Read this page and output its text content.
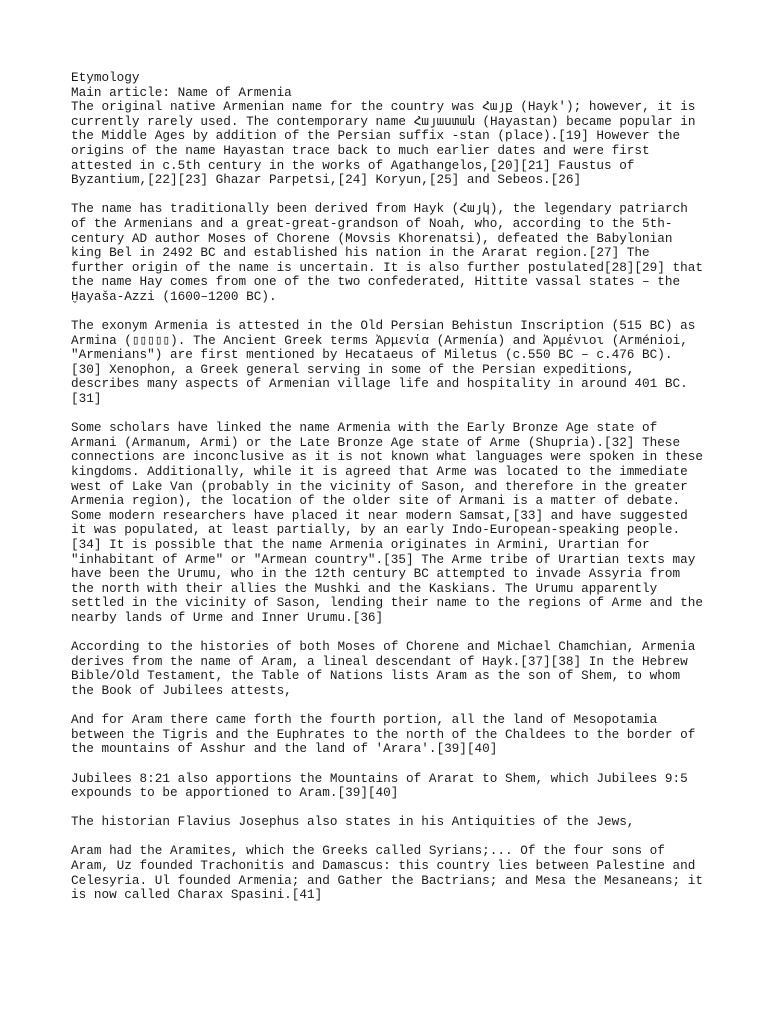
Etymology
Main article: Name of Armenia
The original native Armenian name for the country was Հայք (Hayk'); however, it is
currently rarely used. The contemporary name Հայաստան (Hayastan) became popular in
the Middle Ages by addition of the Persian suffix -stan (place).[19] However the
origins of the name Hayastan trace back to much earlier dates and were first
attested in c.5th century in the works of Agathangelos,[20][21] Faustus of
Byzantium,[22][23] Ghazar Parpetsi,[24] Koryun,[25] and Sebeos.[26]
The name has traditionally been derived from Hayk (Հայկ), the legendary patriarch
of the Armenians and a great-great-grandson of Noah, who, according to the 5th-
century AD author Moses of Chorene (Movsis Khorenatsi), defeated the Babylonian
king Bel in 2492 BC and established his nation in the Ararat region.[27] The
further origin of the name is uncertain. It is also further postulated[28][29] that
the name Hay comes from one of the two confederated, Hittite vassal states – the
Ḫayaša-Azzi (1600–1200 BC).
The exonym Armenia is attested in the Old Persian Behistun Inscription (515 BC) as
Armina (▯▯▯▯▯). The Ancient Greek terms Ἀρμενία (Armenía) and Ἀρμένιοι (Arménioi,
"Armenians") are first mentioned by Hecataeus of Miletus (c.550 BC – c.476 BC).
[30] Xenophon, a Greek general serving in some of the Persian expeditions,
describes many aspects of Armenian village life and hospitality in around 401 BC.
[31]
Some scholars have linked the name Armenia with the Early Bronze Age state of
Armani (Armanum, Armi) or the Late Bronze Age state of Arme (Shupria).[32] These
connections are inconclusive as it is not known what languages were spoken in these
kingdoms. Additionally, while it is agreed that Arme was located to the immediate
west of Lake Van (probably in the vicinity of Sason, and therefore in the greater
Armenia region), the location of the older site of Armani is a matter of debate.
Some modern researchers have placed it near modern Samsat,[33] and have suggested
it was populated, at least partially, by an early Indo-European-speaking people.
[34] It is possible that the name Armenia originates in Armini, Urartian for
"inhabitant of Arme" or "Armean country".[35] The Arme tribe of Urartian texts may
have been the Urumu, who in the 12th century BC attempted to invade Assyria from
the north with their allies the Mushki and the Kaskians. The Urumu apparently
settled in the vicinity of Sason, lending their name to the regions of Arme and the
nearby lands of Urme and Inner Urumu.[36]
According to the histories of both Moses of Chorene and Michael Chamchian, Armenia
derives from the name of Aram, a lineal descendant of Hayk.[37][38] In the Hebrew
Bible/Old Testament, the Table of Nations lists Aram as the son of Shem, to whom
the Book of Jubilees attests,
And for Aram there came forth the fourth portion, all the land of Mesopotamia
between the Tigris and the Euphrates to the north of the Chaldees to the border of
the mountains of Asshur and the land of 'Arara'.[39][40]
Jubilees 8:21 also apportions the Mountains of Ararat to Shem, which Jubilees 9:5
expounds to be apportioned to Aram.[39][40]
The historian Flavius Josephus also states in his Antiquities of the Jews,
Aram had the Aramites, which the Greeks called Syrians;... Of the four sons of
Aram, Uz founded Trachonitis and Damascus: this country lies between Palestine and
Celesyria. Ul founded Armenia; and Gather the Bactrians; and Mesa the Mesaneans; it
is now called Charax Spasini.[41]
